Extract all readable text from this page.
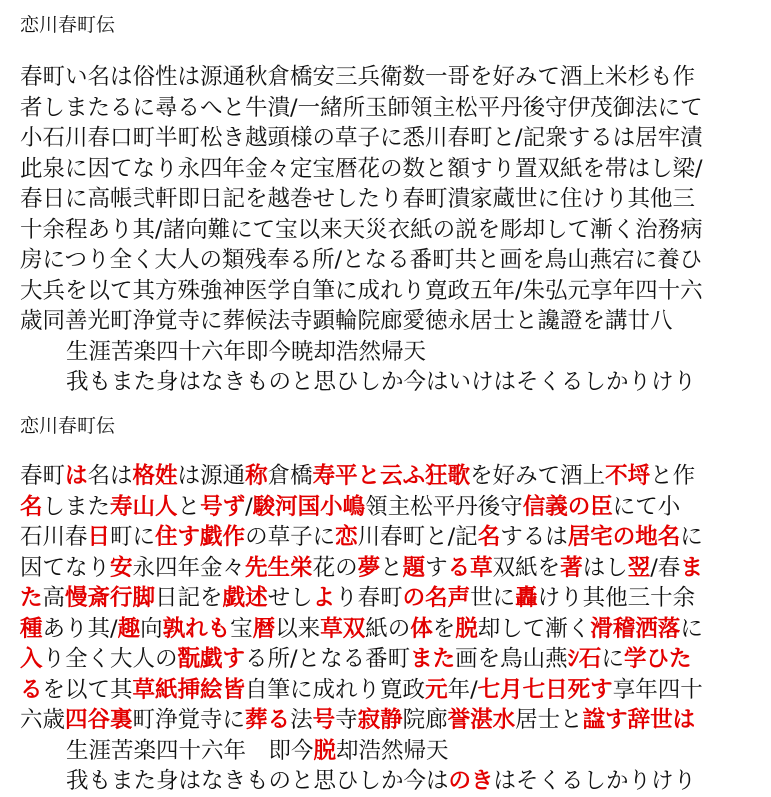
恋川春町伝
春町い名は俗性は源通秋倉橋安三兵衛数一哥を好みて酒上米杉も作
者しまたるに尋るへと牛潰/一緒所玉師領主松平丹後守伊茂御法にて
小石川春口町半町松き越頭様の草子に悉川春町と/記衆するは居牢漬
此泉に因てなり永四年金々定宝暦花の数と額すり置双紙を帯はし梁/
春日に高帳弐軒即日記を越巻せしたり春町潰家蔵世に住けり其他三
十余程あり其/諸向難にて宝以来天災衣紙の説を彫却して漸く治務病
房につり全く大人の類残奉る所/となる番町共と画を鳥山燕宕に養ひ
大兵を以て其方殊強神医学自筆に成れり寛政五年/朱弘元享年四十六
歳同善光町浄覚寺に葬候法寺顕輪院廊愛徳永居士と讒證を講廿八
生涯苦楽四十六年即今暁却浩然帰天
我もまた身はなきものと思ひしか今はいけはそくるしかりけり
恋川春町伝
春町は名は格姓は源通称倉橋寿平と云ふ狂歌を好みて酒上不埒と作
名しまた寿山人と号ず/駿河国小嶋領主松平丹後守信義の臣にて小
石川春日町に住す戯作の草子に恋川春町と/記名するは居宅の地名に
因てなり安永四年金々先生栄花の夢と題する草双紙を著はし翌/春ま
た高慢斎行脚日記を戯述せしより春町の名声世に轟けり其他三十余
種あり其/趣向孰れも宝暦以来草双紙の体を脱却して漸く滑稽洒落に
入り全く大人の翫戯する所/となる番町また画を鳥山燕ｼ石に学ひた
るを以て其草紙挿絵皆自筆に成れり寛政元年/七月七日死す享年四十
六歳四谷裏町浄覚寺に葬る法号寺寂静院廊誉湛水居士と諡す辞世は
生涯苦楽四十六年　即今脱却浩然帰天
我もまた身はなきものと思ひしか今はのきはそくるしかりけり
